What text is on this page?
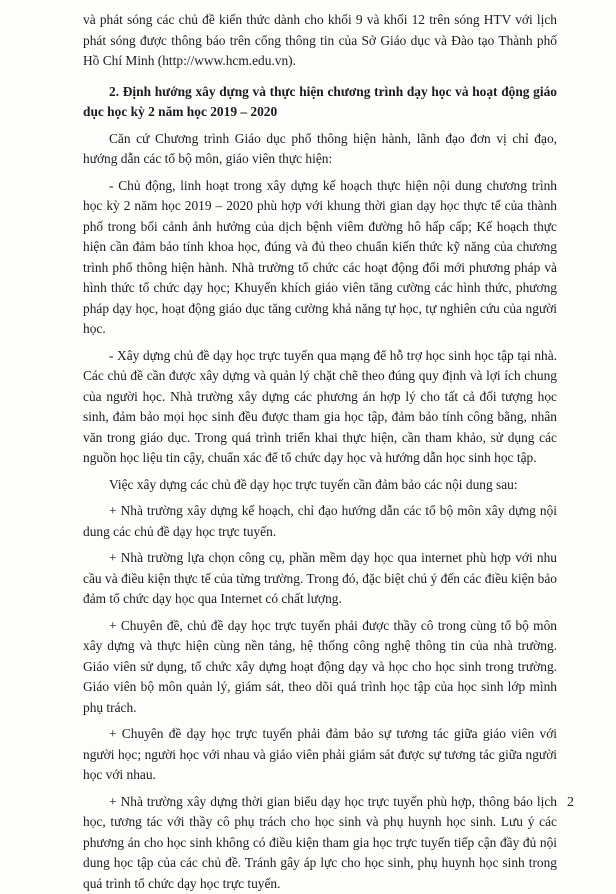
và phát sóng các chủ đề kiến thức dành cho khối 9 và khối 12 trên sóng HTV với lịch phát sóng được thông báo trên cổng thông tin của Sở Giáo dục và Đào tạo Thành phố Hồ Chí Minh (http://www.hcm.edu.vn).

2. Định hướng xây dựng và thực hiện chương trình dạy học và hoạt động giáo dục học kỳ 2 năm học 2019 – 2020

Căn cứ Chương trình Giáo dục phổ thông hiện hành, lãnh đạo đơn vị chỉ đạo, hướng dẫn các tổ bộ môn, giáo viên thực hiện:

- Chủ động, linh hoạt trong xây dựng kế hoạch thực hiện nội dung chương trình học kỳ 2 năm học 2019 – 2020 phù hợp với khung thời gian dạy học thực tế của thành phố trong bối cảnh ảnh hưởng của dịch bệnh viêm đường hô hấp cấp; Kế hoạch thực hiện cần đảm bảo tính khoa học, đúng và đủ theo chuẩn kiến thức kỹ năng của chương trình phổ thông hiện hành. Nhà trường tổ chức các hoạt động đổi mới phương pháp và hình thức tổ chức dạy học; Khuyến khích giáo viên tăng cường các hình thức, phương pháp dạy học, hoạt động giáo dục tăng cường khả năng tự học, tự nghiên cứu của người học.

- Xây dựng chủ đề dạy học trực tuyến qua mạng để hỗ trợ học sinh học tập tại nhà. Các chủ đề cần được xây dựng và quản lý chặt chẽ theo đúng quy định và lợi ích chung của người học. Nhà trường xây dựng các phương án hợp lý cho tất cả đối tượng học sinh, đảm bảo mọi học sinh đều được tham gia học tập, đảm bảo tính công bằng, nhân văn trong giáo dục. Trong quá trình triển khai thực hiện, cần tham khảo, sử dụng các nguồn học liệu tin cậy, chuẩn xác để tổ chức dạy học và hướng dẫn học sinh học tập.

Việc xây dựng các chủ đề dạy học trực tuyến cần đảm bảo các nội dung sau:

+ Nhà trường xây dựng kế hoạch, chỉ đạo hướng dẫn các tổ bộ môn xây dựng nội dung các chủ đề dạy học trực tuyến.

+ Nhà trường lựa chọn công cụ, phần mềm dạy học qua internet phù hợp với nhu cầu và điều kiện thực tế của từng trường. Trong đó, đặc biệt chú ý đến các điều kiện bảo đảm tổ chức dạy học qua Internet có chất lượng.

+ Chuyên đề, chủ đề dạy học trực tuyến phải được thầy cô trong cùng tổ bộ môn xây dựng và thực hiện cùng nền tảng, hệ thống công nghệ thông tin của nhà trường. Giáo viên sử dụng, tổ chức xây dựng hoạt động dạy và học cho học sinh trong trường. Giáo viên bộ môn quản lý, giám sát, theo dõi quá trình học tập của học sinh lớp mình phụ trách.

+ Chuyên đề dạy học trực tuyến phải đảm bảo sự tương tác giữa giáo viên với người học; người học với nhau và giáo viên phải giám sát được sự tương tác giữa người học với nhau.

+ Nhà trường xây dựng thời gian biểu dạy học trực tuyến phù hợp, thông báo lịch học, tương tác với thầy cô phụ trách cho học sinh và phụ huynh học sinh. Lưu ý các phương án cho học sinh không có điều kiện tham gia học trực tuyến tiếp cận đầy đủ nội dung học tập của các chủ đề. Tránh gây áp lực cho học sinh, phụ huynh học sinh trong quá trình tổ chức dạy học trực tuyến.

2
